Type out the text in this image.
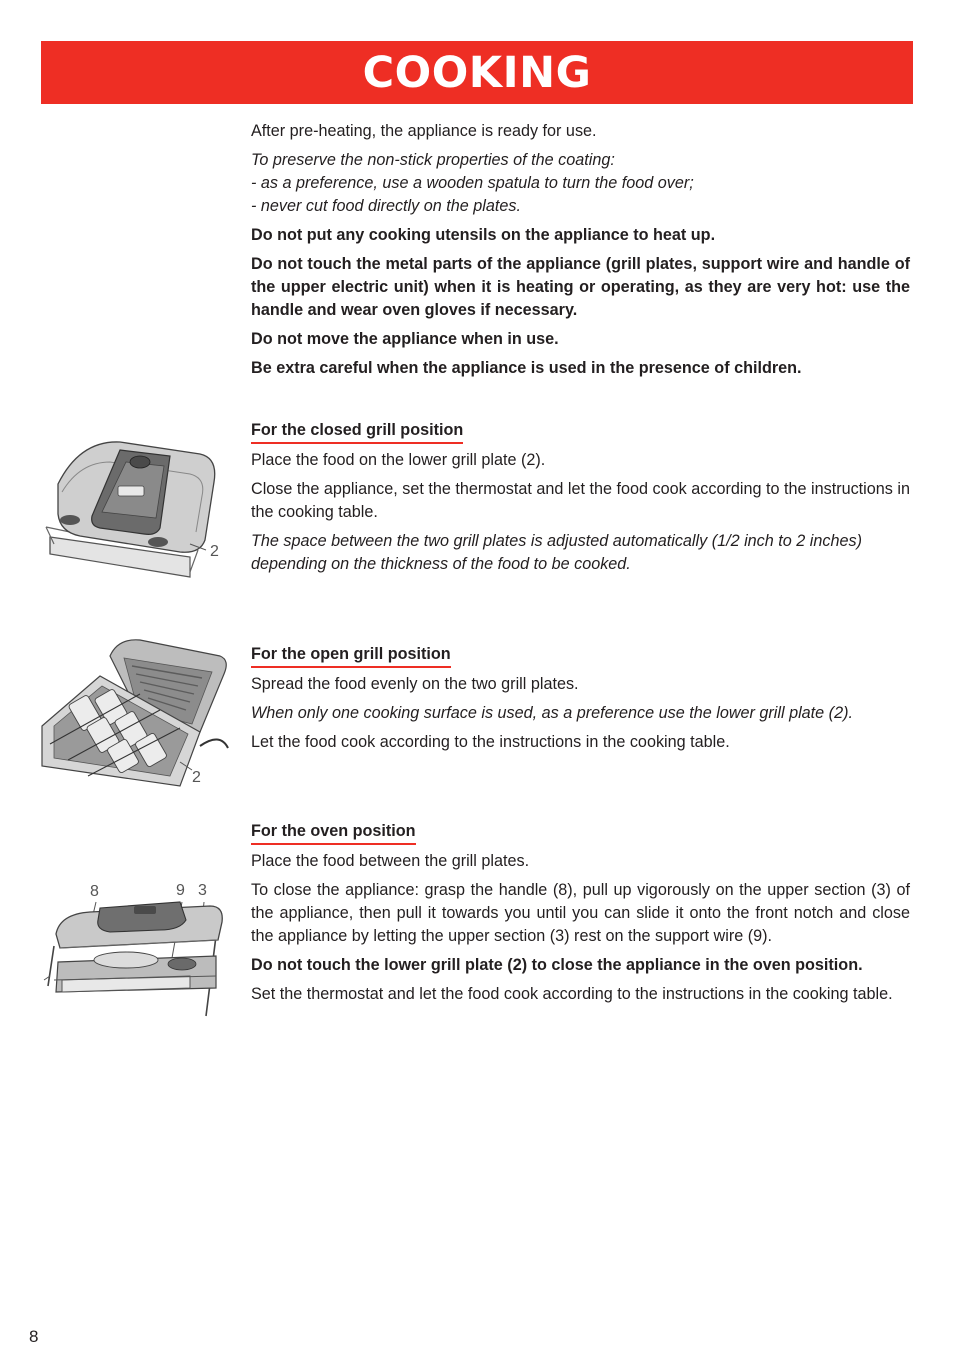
COOKING

After pre-heating, the appliance is ready for use.

To preserve the non-stick properties of the coating:

- as a preference, use a wooden spatula to turn the food over;

- never cut food directly on the plates.

Do not put any cooking utensils on the appliance to heat up.

Do not touch the metal parts of the appliance (grill plates, support wire and handle of the upper electric unit) when it is heating or operating, as they are very hot: use the handle and wear oven gloves if necessary.

Do not move the appliance when in use.

Be extra careful when the appliance is used in the presence of children.

For the closed grill position

Place the food on the lower grill plate (2).

Close the appliance, set the thermostat and let the food cook according to the instructions in the cooking table.

The space between the two grill plates is adjusted automatically (1/2 inch to 2 inches) depending on the thickness of the food to be cooked.

2
For the open grill position

Spread the food evenly on the two grill plates.

When only one cooking surface is used, as a preference use the lower grill plate (2).

Let the food cook according to the instructions in the cooking table.

2
For the oven position

Place the food between the grill plates.

To close the appliance: grasp the handle (8), pull up vigorously on the upper section (3) of the appliance, then pull it towards you until you can slide it onto the front notch and close the appliance by letting the upper section (3) rest on the support wire (9).

Do not touch the lower grill plate (2) to close the appliance in the oven position.

Set the thermostat and let the food cook according to the instructions in the cooking table.

8	9 3
8
